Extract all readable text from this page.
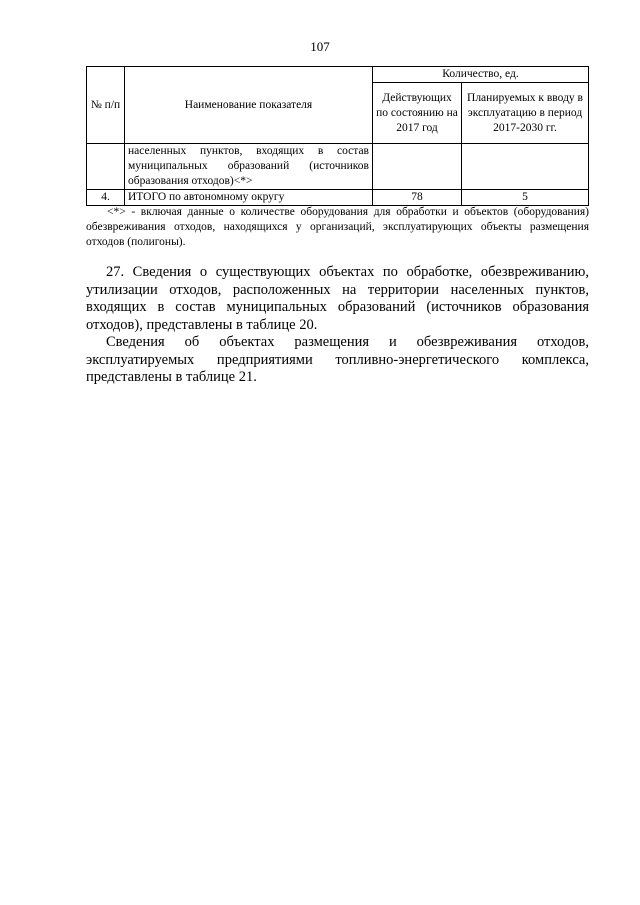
107
№ п/п	Наименование показателя	Количество, ед.	
		Действующих по состоянию на 2017 год	Планируемых к вводу в эксплуатацию в период 2017-2030 гг.
	населенных пунктов, входящих в состав муниципальных образований (источников образования отходов)<*>		
4.	ИТОГО по автономному округу	78	5

<*> - включая данные о количестве оборудования для обработки и объектов (оборудования) обезвреживания отходов, находящихся у организаций, эксплуатирующих объекты размещения отходов (полигоны).

27. Сведения о существующих объектах по обработке, обезвреживанию, утилизации отходов, расположенных на территории населенных пунктов, входящих в состав муниципальных образований (источников образования отходов), представлены в таблице 20.

Сведения об объектах размещения и обезвреживания отходов, эксплуатируемых предприятиями топливно-энергетического комплекса, представлены в таблице 21.
